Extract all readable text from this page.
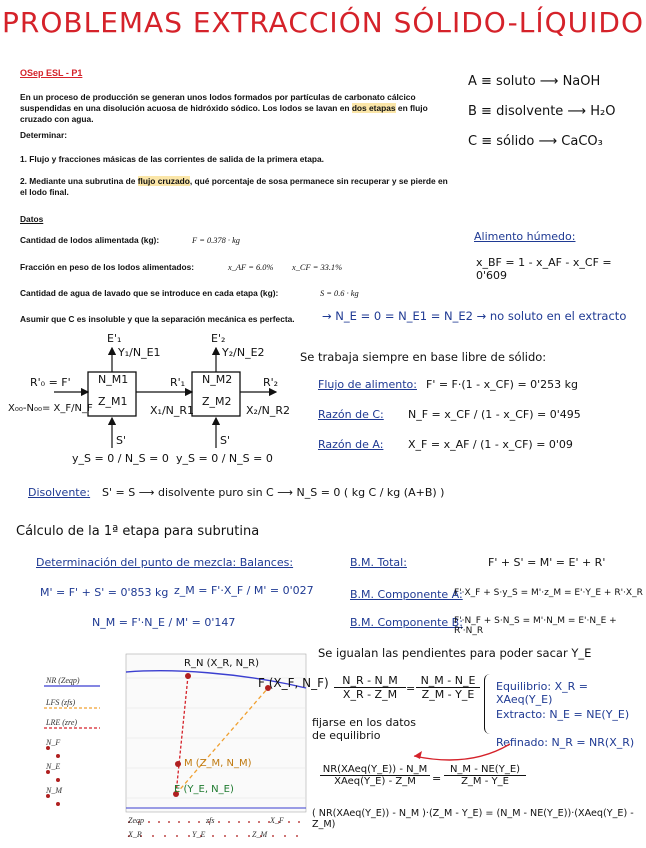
PROBLEMAS EXTRACCIÓN SÓLIDO-LÍQUIDO
OSep ESL - P1
En un proceso de producción se generan unos lodos formados por partículas de carbonato cálcico suspendidas en una disolución acuosa de hidróxido sódico. Los lodos se lavan en dos etapas en flujo cruzado con agua.
Determinar:
1. Flujo y fracciones másicas de las corrientes de salida de la primera etapa.
2. Mediante una subrutina de flujo cruzado, qué porcentaje de sosa permanece sin recuperar y se pierde en el lodo final.
A ≡ soluto ⟶ NaOH
B ≡ disolvente ⟶ H₂O
C ≡ sólido ⟶ CaCO₃
Datos
Cantidad de lodos alimentada (kg):	F = 0.378 · kg
Fracción en peso de los lodos alimentados:	x_AF = 6.0% x_CF = 33.1%
Cantidad de agua de lavado que se introduce en cada etapa (kg):	S = 0.6 · kg
Asumir que C es insoluble y que la separación mecánica es perfecta. → N_E = 0 = N_E1 = N_E2 → no soluto en el extracto
Alimento húmedo:
x_BF = 1 - x_AF - x_CF = 0'609
N_M1
Z_M1
N_M2
Z_M2
E'₁
Y₁/N_E1
E'₂
Y₂/N_E2
R'₀ = F'
X₀₀-N₀₀= X_F/N_F
R'₁
X₁/N_R1
R'₂
X₂/N_R2
S'
y_S = 0 / N_S = 0
S'
y_S = 0 / N_S = 0
Se trabaja siempre en base libre de sólido:
Flujo de alimento: F' = F·(1 - x_CF) = 0'253 kg
Razón de C: N_F = x_CF / (1 - x_CF) = 0'495
Razón de A: X_F = x_AF / (1 - x_CF) = 0'09
Disolvente: S' = S ⟶ disolvente puro sin C ⟶ N_S = 0 ( kg C / kg (A+B) )
Cálculo de la 1ª etapa para subrutina
Determinación del punto de mezcla: Balances:	B.M. Total:	F' + S' = M' = E' + R'
M' = F' + S' = 0'853 kg z_M = F'·X_F / M' = 0'027
N_M = F'·N_E / M' = 0'147
B.M. Componente A:
F'·X_F + S·y_S = M'·z_M = E'·Y_E + R'·X_R
B.M. Componente B:
F'·N_F + S·N_S = M'·N_M = E'·N_E + R'·N_R
Se igualan las pendientes para poder sacar Y_E
$\frac{N\_R - N\_M}{X\_R - Z\_M}$ =
N_M - N_E
Z_M - Y_E
Equilibrio: X_R = XAeq(Y_E)
Extracto: N_E = NE(Y_E)
Refinado: N_R = NR(X_R)
fijarse en los datos de equilibrio
NR(XAeq(Y_E)) - N_M
XAeq(Y_E) - Z_M	=
N_M - NE(Y_E)
Z_M - Y_E
( NR(XAeq(Y_E)) - N_M )·(Z_M - Y_E) = (N_M - NE(Y_E))·(XAeq(Y_E) - Z_M)
NR (Zeqp)
LFS (zfs)
LRE (zre)
N_F
N_E
N_M
R_N (X_R, N_R)
F (X_F, N_F)
M (Z_M, N_M)
E (Y_E, N_E)
Zeqp	zfs	X_F
X_R	Y_E	Z_M
